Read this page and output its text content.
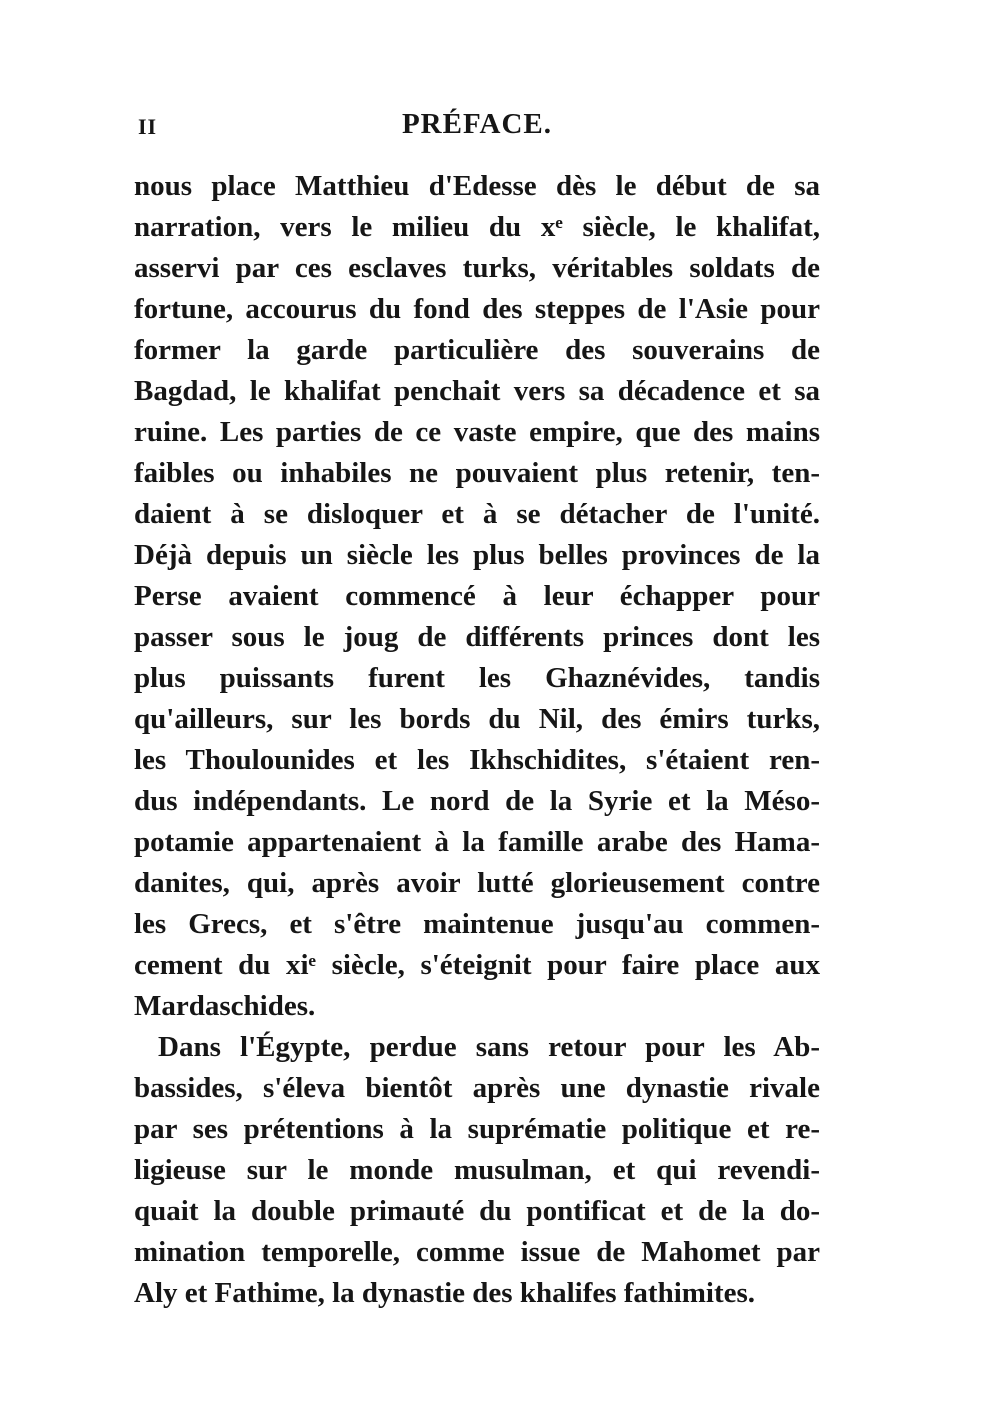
II	PRÉFACE.
nous place Matthieu d'Edesse dès le début de sa
narration, vers le milieu du xᵉ siècle, le khalifat,
asservi par ces esclaves turks, véritables soldats de
fortune, accourus du fond des steppes de l'Asie pour
former la garde particulière des souverains de
Bagdad, le khalifat penchait vers sa décadence et sa
ruine. Les parties de ce vaste empire, que des mains
faibles ou inhabiles ne pouvaient plus retenir, ten-
daient à se disloquer et à se détacher de l'unité.
Déjà depuis un siècle les plus belles provinces de la
Perse avaient commencé à leur échapper pour
passer sous le joug de différents princes dont les
plus puissants furent les Ghaznévides, tandis
qu'ailleurs, sur les bords du Nil, des émirs turks,
les Thoulounides et les Ikhschidites, s'étaient ren-
dus indépendants. Le nord de la Syrie et la Méso-
potamie appartenaient à la famille arabe des Hama-
danites, qui, après avoir lutté glorieusement contre
les Grecs, et s'être maintenue jusqu'au commen-
cement du xiᵉ siècle, s'éteignit pour faire place aux
Mardaschides.
Dans l'Égypte, perdue sans retour pour les Ab-
bassides, s'éleva bientôt après une dynastie rivale
par ses prétentions à la suprématie politique et re-
ligieuse sur le monde musulman, et qui revendi-
quait la double primauté du pontificat et de la do-
mination temporelle, comme issue de Mahomet par
Aly et Fathime, la dynastie des khalifes fathimites.
